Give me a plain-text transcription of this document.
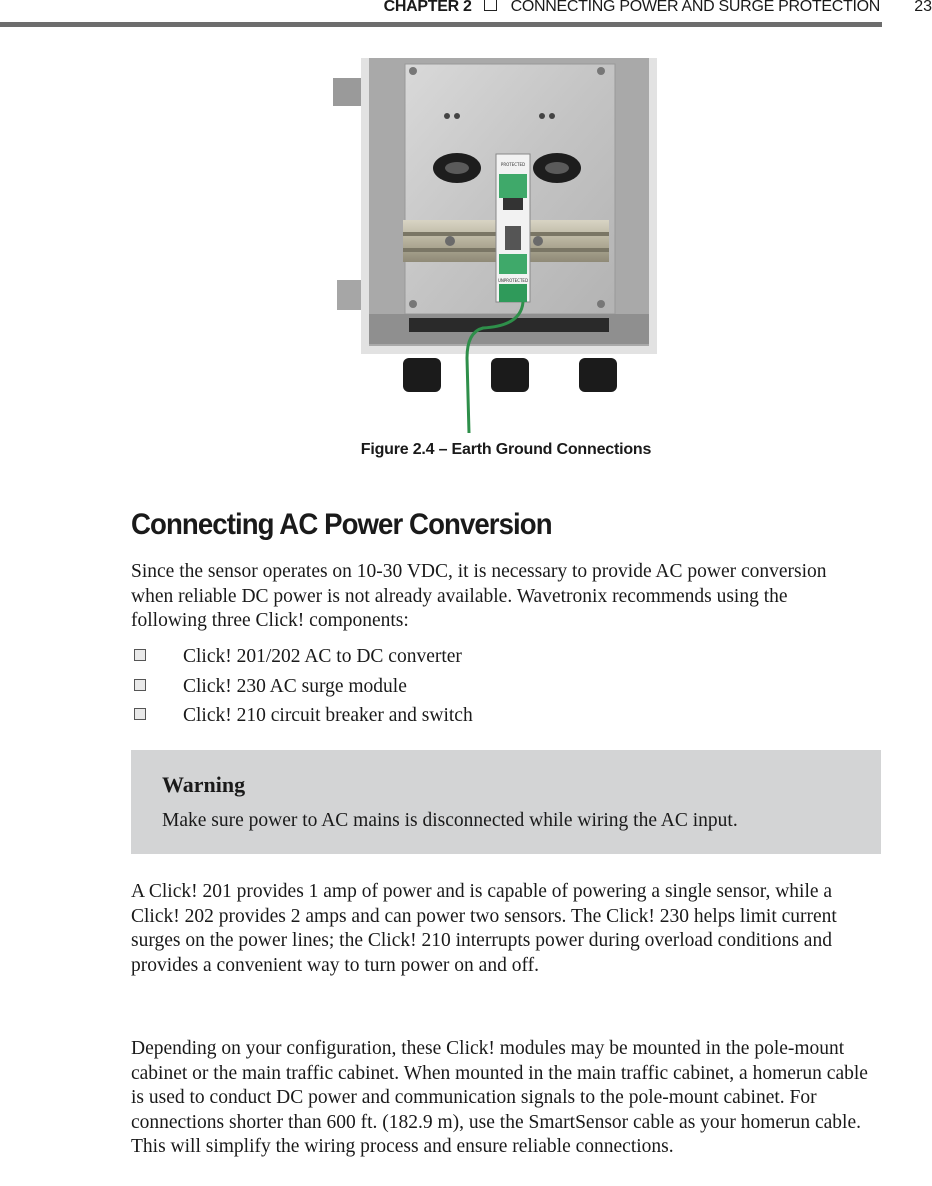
CHAPTER 2 CONNECTING POWER AND SURGE PROTECTION 23
PROTECTED
UNPROTECTED
Figure 2.4 – Earth Ground Connections
Connecting AC Power Conversion

Since the sensor operates on 10-30 VDC, it is necessary to provide AC power conversion when reliable DC power is not already available. Wavetronix recommends using the following three Click! components:

Click! 201/202 AC to DC converter
Click! 230 AC surge module
Click! 210 circuit breaker and switch
Warning
Make sure power to AC mains is disconnected while wiring the AC input.

A Click! 201 provides 1 amp of power and is capable of powering a single sensor, while a Click! 202 provides 2 amps and can power two sensors. The Click! 230 helps limit current surges on the power lines; the Click! 210 interrupts power during overload conditions and provides a convenient way to turn power on and off.

Depending on your configuration, these Click! modules may be mounted in the pole-mount cabinet or the main traffic cabinet. When mounted in the main traffic cabinet, a homerun cable is used to conduct DC power and communication signals to the pole-mount cabinet. For connections shorter than 600 ft. (182.9 m), use the SmartSensor cable as your homerun cable. This will simplify the wiring process and ensure reliable connections.
